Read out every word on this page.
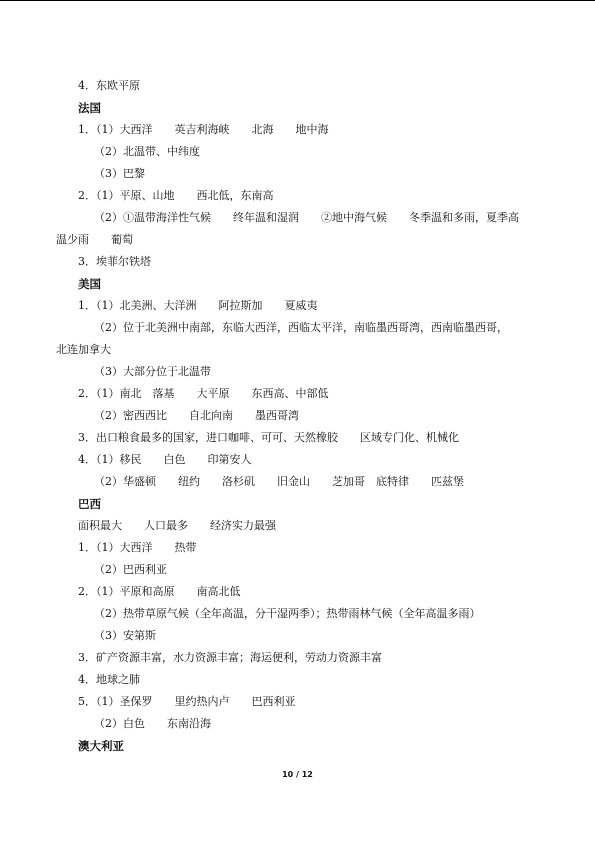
4．东欧平原
法国
1．（1）大西洋　　英吉利海峡　　北海　　地中海
（2）北温带、中纬度
（3）巴黎
2．（1）平原、山地　　西北低，东南高
（2）①温带海洋性气候　　终年温和湿润　　②地中海气候　　冬季温和多雨，夏季高
温少雨　　葡萄
3．埃菲尔铁塔
美国
1．（1）北美洲、大洋洲　　阿拉斯加　　夏威夷
（2）位于北美洲中南部，东临大西洋，西临太平洋，南临墨西哥湾，西南临墨西哥，
北连加拿大
（3）大部分位于北温带
2．（1）南北　落基　　大平原　　东西高、中部低
（2）密西西比　　自北向南　　墨西哥湾
3．出口粮食最多的国家，进口咖啡、可可、天然橡胶　　区域专门化、机械化
4．（1）移民　　白色　　印第安人
（2）华盛顿　　纽约　　洛杉矶　　旧金山　　芝加哥　底特律　　匹兹堡
巴西
面积最大　　人口最多　　经济实力最强
1．（1）大西洋　　热带
（2）巴西利亚
2．（1）平原和高原　　南高北低
（2）热带草原气候（全年高温，分干湿两季）；热带雨林气候（全年高温多雨）
（3）安第斯
3．矿产资源丰富，水力资源丰富；海运便利，劳动力资源丰富
4．地球之肺
5．（1）圣保罗　　里约热内卢　　巴西利亚
（2）白色　　东南沿海
澳大利亚
10 / 12
